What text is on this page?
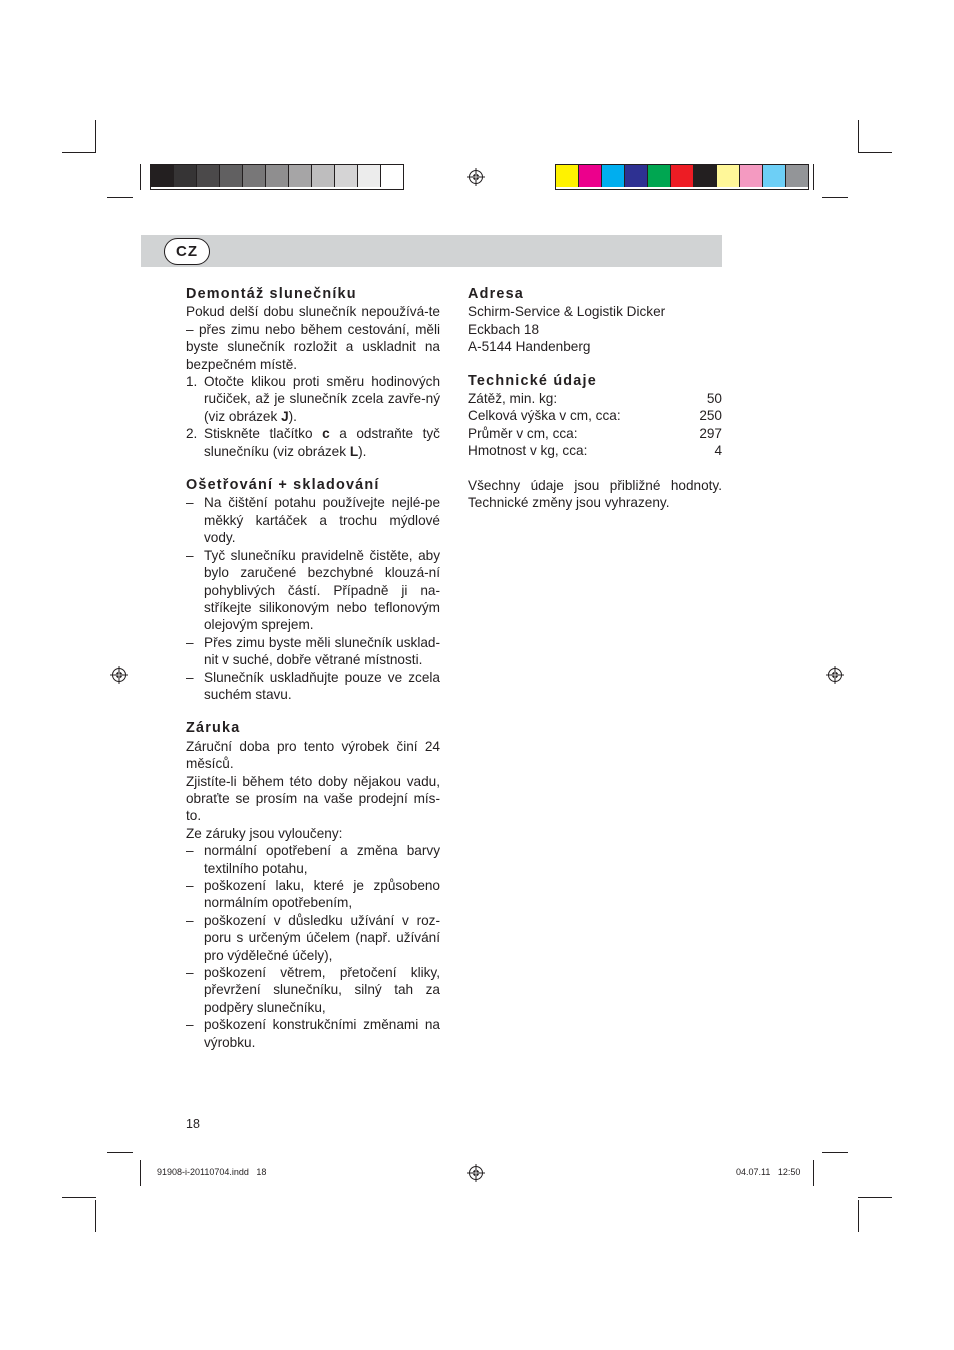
CZ
Demontáž slunečníku

Pokud delší dobu slunečník nepoužívá-te – přes zimu nebo během cestování, měli byste slunečník rozložit a uskladnit na bezpečném místě.

1. Otočte klikou proti směru hodinových ručiček, až je slunečník zcela zavře-ný (viz obrázek J).
2. Stiskněte tlačítko c a odstraňte tyč slunečníku (viz obrázek L).
Ošetřování + skladování
– Na čištění potahu používejte nejlé-pe měkký kartáček a trochu mýdlové vody.
– Tyč slunečníku pravidelně čistěte, aby bylo zaručené bezchybné klouzá-ní pohyblivých částí. Případně ji na-stříkejte silikonovým nebo teflonovým olejovým sprejem.
– Přes zimu byste měli slunečník usklad-nit v suché, dobře větrané místnosti.
– Slunečník uskladňujte pouze ve zcela suchém stavu.
Záruka

Záruční doba pro tento výrobek činí 24 měsíců.

Zjistíte-li během této doby nějakou vadu, obraťte se prosím na vaše prodejní mís-to.

Ze záruky jsou vyloučeny:

– normální opotřebení a změna barvy textilního potahu,
– poškození laku, které je způsobeno normálním opotřebením,
– poškození v důsledku užívání v roz-poru s určeným účelem (např. užívání pro výdělečné účely),
– poškození větrem, přetočení kliky, převržení slunečníku, silný tah za podpěry slunečníku,
– poškození konstrukčními změnami na výrobku.
Adresa
Schirm-Service & Logistik Dicker
Eckbach 18
A-5144 Handenberg
Technické údaje
Zátěž, min. kg:	50
Celková výška v cm, cca:	250
Průměr v cm, cca:	297
Hmotnost v kg, cca:	4

Všechny údaje jsou přibližné hodnoty. Technické změny jsou vyhrazeny.

18
91908-i-20110704.indd   18	04.07.11   12:50
